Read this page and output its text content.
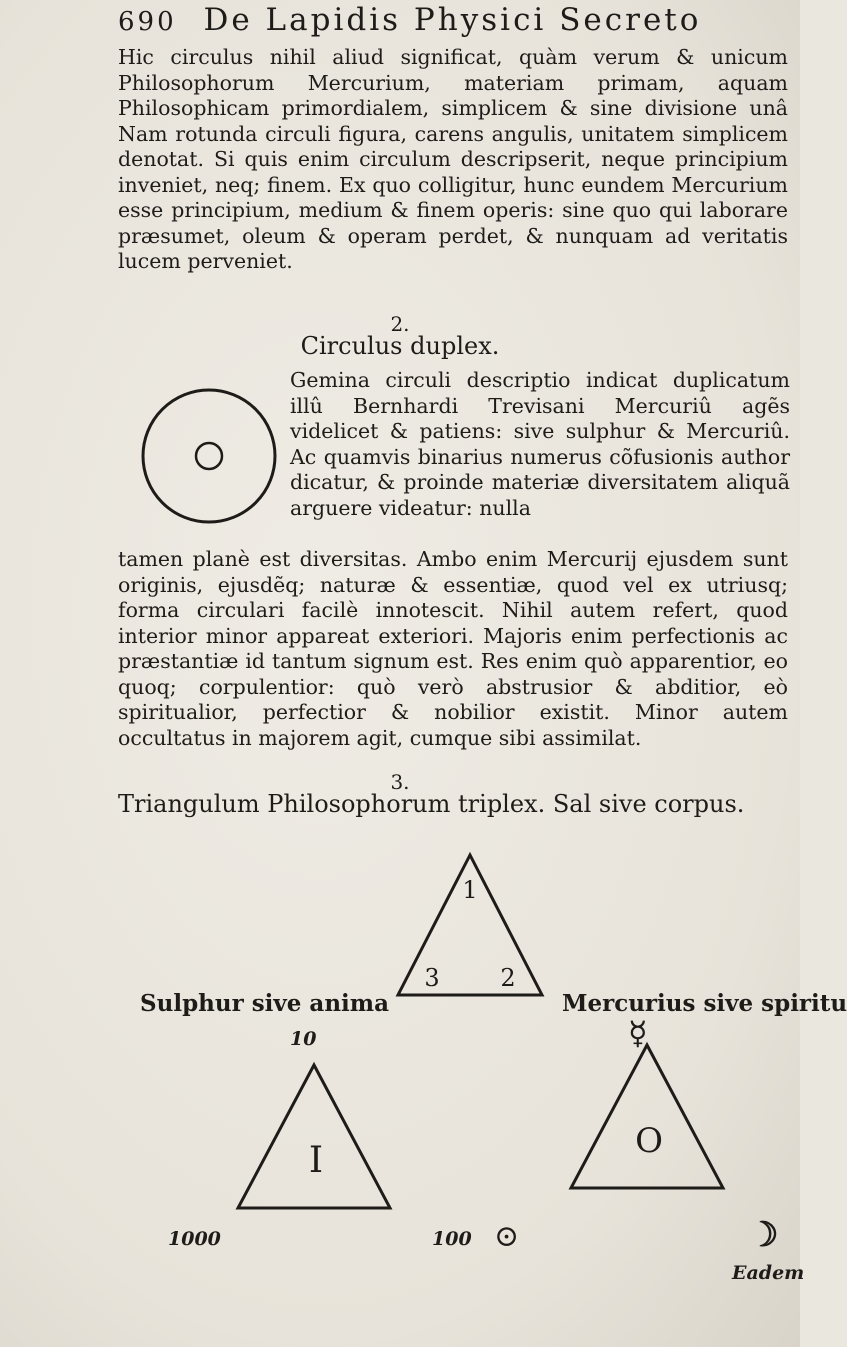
690 De Lapidis Physici Secreto

Hic circulus nihil aliud significat, quàm verum & unicum Philosophorum Mercurium, materiam primam, aquam Philosophicam primordialem, simplicem & sine divisione unâ Nam rotunda circuli figura, carens angulis, unitatem simplicem denotat. Si quis enim circulum descripserit, neque principium inveniet, neq; finem. Ex quo colligitur, hunc eundem Mercurium esse principium, medium & finem operis: sine quo qui laborare præsumet, oleum & operam perdet, & nunquam ad veritatis lucem perveniet.

2.
Circulus duplex.

Gemina circuli descriptio indicat duplicatum illû Bernhardi Trevisani Mercuriû agẽs videlicet & patiens: sive sulphur & Mercuriû. Ac quamvis binarius numerus cõfusionis author dicatur, & proinde materiæ diversitatem aliquã arguere videatur: nulla

tamen planè est diversitas. Ambo enim Mercurij ejusdem sunt originis, ejusdẽq; naturæ & essentiæ, quod vel ex utriusq; forma circulari facilè innotescit. Nihil autem refert, quod interior minor appareat exteriori. Majoris enim perfectionis ac præstantiæ id tantum signum est. Res enim quò apparentior, eo quoq; corpulentior: quò verò abstrusior & abditior, eò spiritualior, perfectior & nobilior existit. Minor autem occultatus in majorem agit, cumque sibi assimilat.

3.
Triangulum Philosophorum triplex. Sal sive corpus.
1
3	2
Sulphur sive anima	Mercurius sive spiritu
10	☿
I	O
1000	100 ⊙	☽
Eadem
